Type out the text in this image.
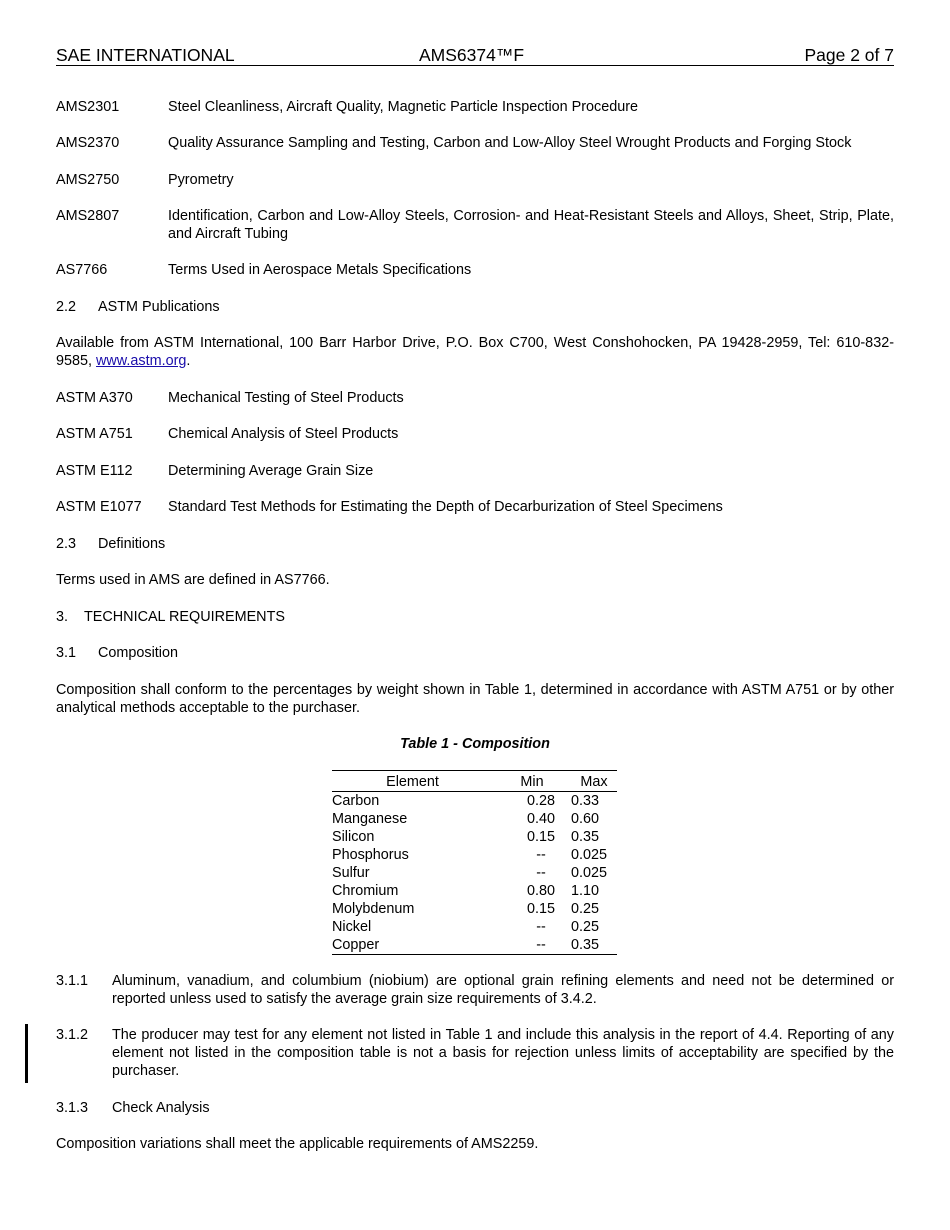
SAE INTERNATIONAL	AMS6374™F	Page 2 of 7
AMS2301	Steel Cleanliness, Aircraft Quality, Magnetic Particle Inspection Procedure
AMS2370	Quality Assurance Sampling and Testing, Carbon and Low-Alloy Steel Wrought Products and Forging Stock
AMS2750	Pyrometry
AMS2807	Identification, Carbon and Low-Alloy Steels, Corrosion- and Heat-Resistant Steels and Alloys, Sheet, Strip, Plate, and Aircraft Tubing
AS7766	Terms Used in Aerospace Metals Specifications
2.2 ASTM Publications
Available from ASTM International, 100 Barr Harbor Drive, P.O. Box C700, West Conshohocken, PA 19428-2959, Tel: 610-832-9585, www.astm.org.
ASTM A370 Mechanical Testing of Steel Products
ASTM A751 Chemical Analysis of Steel Products
ASTM E112 Determining Average Grain Size
ASTM E1077 Standard Test Methods for Estimating the Depth of Decarburization of Steel Specimens
2.3 Definitions
Terms used in AMS are defined in AS7766.
3. TECHNICAL REQUIREMENTS
3.1 Composition
Composition shall conform to the percentages by weight shown in Table 1, determined in accordance with ASTM A751 or by other analytical methods acceptable to the purchaser.
Table 1 - Composition
Element	Min	Max
Carbon	0.28	0.33
Manganese	0.40	0.60
Silicon	0.15	0.35
Phosphorus	--	0.025
Sulfur	--	0.025
Chromium	0.80	1.10
Molybdenum	0.15	0.25
Nickel	--	0.25
Copper	--	0.35
3.1.1 Aluminum, vanadium, and columbium (niobium) are optional grain refining elements and need not be determined or reported unless used to satisfy the average grain size requirements of 3.4.2.
3.1.2 The producer may test for any element not listed in Table 1 and include this analysis in the report of 4.4. Reporting of any element not listed in the composition table is not a basis for rejection unless limits of acceptability are specified by the purchaser.
3.1.3 Check Analysis
Composition variations shall meet the applicable requirements of AMS2259.
